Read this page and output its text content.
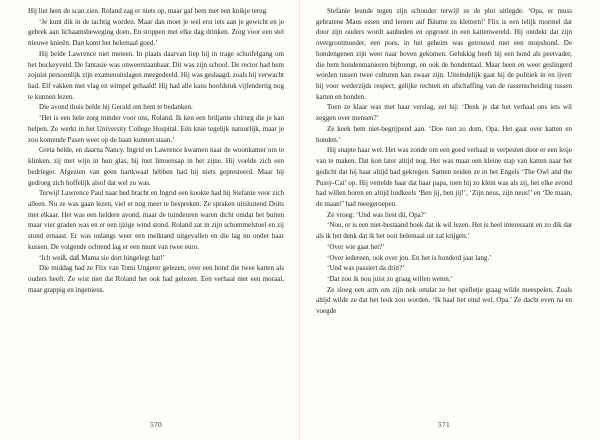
Hij liet hem de scan zien. Roland zag er niets op, maar gaf hem met een knikje terug.

‘Je kunt dik in de tachtig worden. Maar dan moet je wel erst iets aan je gewicht en je gebrek aan lichaamsbeweging doen. En stoppen met elke dag drinken. Zorg voor een stel nieuwe knieën. Dan komt het helemaal goed.’

Hij belde Lawrence niet meteen. In plaats daarvan liep hij in trage schuifelgang om het hockeyveld. De fantasie was onweerstaanbaar. Dit was zijn school. De rector had hem zojuist persoonlijk zijn examenuitslagen meegedeeld. Hij was geslaagd, zoals hij verwacht had. Elf vakken met vlag en wimpel gehaald! Hij had alle kans hoofdstuk vijfendertig nog te kunnen lezen.

Die avond thuis belde hij Gerald om hem te bedanken.

‘Het is een hele zorg minder voor ons, Roland. Ik ken een briljante chirurg die je kan helpen. Ze werkt in het University College Hospital. Eén knie tegelijk natuurlijk, maar je zou komende Pasen weer op de baan kunnen staan.’

Greta belde, en daarna Nancy. Ingrid en Lawrence kwamen naar de woonkamer om te klinken, zij met wijn in hun glas, hij met limoensap in het zijne. Hij voelde zich een bedrieger. Afgezien van geen hartkwaal hebben had hij niets gepresteerd. Maar hij gedroeg zich hoffelijk alsof dat wel zo was.

Terwijl Lawrence Paul naar bed bracht en Ingrid een kookte had hij Stefanie voor zich alleen. Nu ze was gaan lezen, viel er nog meer te bespreken. Ze spraken uitsluitend Duits met elkaar. Het was een heldere avond, maar de tuindeuren waren dicht omdat het buiten maar vier graden was en er een ijzige wind stond. Roland zat in zijn schommelstoel en zij stond ernaast. Er was onlangs weer een melktand uitgevallen en die lag nu onder haar kussen. De volgende ochtend lag er een munt van twee euro.

‘Ich weiß, daß Mama sie dort hingelegt hat!’

Die middag had ze Flix van Tomi Ungerer gelezen, over een hond die twee katten als ouders heeft. Ze wist niet dat Roland het ook had gelezen. Een verhaal met een moraal, maar grappig en ingenieus.

Stefanie leunde tegen zijn schouder terwijl ze de plot uitlegde. ‘Opa, er muss gebratene Maus essen und lernen auf Bäume zu klettern!’ Flix is een lelijk mormel dat door zijn ouders wordt aanbeden en opgroeit in een kattenwereld. Hij ontdekt dat zijn overgrootmoeder, een poes, in het geheim was getrouwd met een mopshond. De hondengenen zijn weer naar boven gekomen. Gelukkig heeft hij een hond als peetvader, die hem hondenmanieren bijbrengt, en ook de hondentaal. Maar heen en weer geslingerd worden tussen twee culturen kan zwaar zijn. Uiteindelijk gaat hij de politiek in en ijvert hij voor wederzijds respect, gelijke rechten en afschaffing van de rassenscheiding tussen katten en honden.

Toen ze klaar was met haar verslag, zei hij: ‘Denk je dat het verhaal ons iets wil zeggen over mensen?’

Ze keek hem niet-begrijpend aan. ‘Doe niet zo dom, Opa. Het gaat over katten en honden.’

Hij snapte haar wel. Het was zonde om een goed verhaal te verpesten door er een lesje van te maken. Dat kon later altijd nog. Het was maar een kleine stap van katten naar het gedicht dat hij haar altijd had gekregen. Samen zeiden ze in het Engels ‘The Owl and the Pussy-Cat’ op. Hij vertelde haar dat haar papa, toen hij zo klein was als zij, het elke avond had willen horen en altijd luidkeels ‘Ben jij, ben jij!’, ‘Zijn neus, zijn neus!’ en ‘De maan, de maan!’ had meegeroepen.

Ze vroeg: ‘Und was liest dü, Opa?’

‘Nou, er is een niet-bestaand boek dat ik wil lezen. Het is heel interessant en zo dik dat als ik het denk dat ik het ooit helemaal uit zal krijgen.’

‘Over wie gaat het?’

‘Over iedereen, ook over jou. En het is honderd jaar lang.’

‘Und was passiert da drin?’

‘Dat zou ik nou juist zo graag willen weten.’

Ze sloeg een arm om zijn nek omdat ze het spelletje graag wilde meespelen. Zoals altijd wilde ze dat het leuk zou worden. ‘Ik haal het eind wel, Opa.’ Ze dacht even na en voegde

570	571
